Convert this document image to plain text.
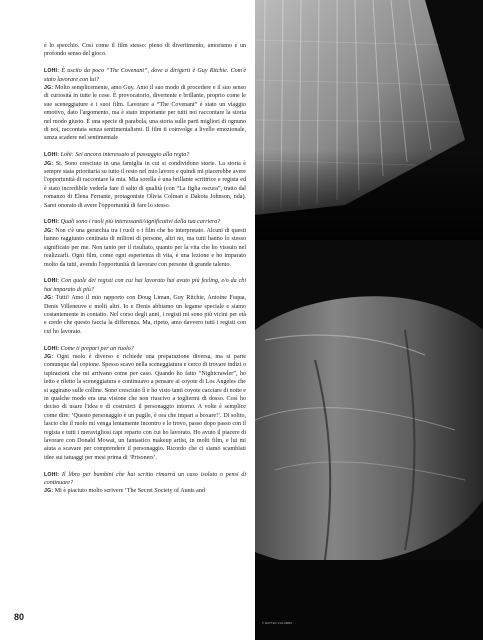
© MATTEO COLOMBO

è lo specchio. Così come il film stesso: pieno di divertimento, umorismo e un profondo senso del gioco.

LOHI: È uscito da poco “The Covenant”, dove a dirigerti è Guy Ritchie. Com'è stato lavorare con lui?

JG: Molto semplicemente, amo Guy. Amo il suo modo di procedere e il suo senso di curiosità in tutte le cose. È provocatorio, divertente e brillante, proprio come le sue sceneggiature e i suoi film. Lavorare a “The Covenant” è stato un viaggio emotivo, dato l'argomento, ma è stato importante per tutti noi raccontare la storia nel modo giusto. È una specie di parabola, una storia sulle parti migliori di ognuno di noi, raccontata senza sentimentalismi. Il film ti coinvolge a livello emozionale, senza scadere nel sentimentale

LOHI: Lohi: Sei ancora interessato al passaggio alla regia?

JG: Si. Sono cresciuto in una famiglia in cui si condividono storie. La storia è sempre stata prioritaria su tutto il resto nel mio lavoro e quindi mi piacerebbe avere l'opportunità di raccontare la mia. Mia sorella è una brillante scrittrice e regista ed è stato incredibile vederla fare il salto di qualità (con “La figlia oscura”, tratto dal romanzo di Elena Ferrante, protagoniste Olivia Colman e Dakota Johnson, nda). Sarei onorato di avere l'opportunità di fare lo stesso.

LOHI: Quali sono i ruoli più interessanti/significativi della tua carriera?

JG: Non c'è una gerarchia tra i ruoli o i film che ho interpretato. Alcuni di questi hanno raggiunto centinaia di milioni di persone, altri no, ma tutti hanno lo stesso significato per me. Non tanto per il risultato, quanto per la vita che ho vissuto nel realizzarli. Ogni film, come ogni esperienza di vita, è una lezione e ho imparato molto da tutti, avendo l'opportunità di lavorare con persone di grande talento.

LOHI: Con quale dei registi con cui hai lavorato hai avuto più feeling, e/o da chi hai imparato di più?

JG: Tutti! Amo il mio rapporto con Doug Liman, Guy Ritchie, Antoine Fuqua, Denis Villeneuve e molti altri. Io e Denis abbiamo un legame speciale e siamo costantemente in contatto. Nel corso degli anni, i registi mi sono più vicini per età e credo che questo faccia la differenza. Ma, ripeto, amo davvero tutti i registi con cui ho lavorato.

LOHI: Come ti prepari per un ruolo?

JG: Ogni ruolo è diverso e richiede una preparazione diversa, ma si parte comunque dal copione. Spesso scavo nella sceneggiatura e cerco di trovare indizi o ispirazioni che mi arrivano come per caso. Quando ho fatto “Nightcrawler”, ho letto e riletto la sceneggiatura e continuavo a pensare ai coyote di Los Angeles che si aggirano sulle colline. Sono cresciuto lì e ho visto tanti coyote cacciare di notte e in qualche modo era una visione che non riuscivo a togliermi di dosso. Così ho deciso di usare l'idea e di costruirci il personaggio intorno. A volte è semplice come dire: ‘Questo personaggio è un pugile, è ora che impari a boxare!’. Di solito, lascio che il ruolo mi venga lentamente incontro e lo trovo, passo dopo passo con il regista e tutti i meravigliosi capi reparto con cui ho lavorato. Ho avuto il piacere di lavorare con Donald Mowat, un fantastico makeup artist, in molti film, e lui mi aiuta a scavare per comprendere il personaggio. Ricordo che ci siamo scambiati idee sui tatuaggi per mesi prima di ‘Prisoners’.

LOHI: Il libro per bambini che hai scritto rimarrà un caso isolato o pensi di continuare?

JG: Mi è piaciuto molto scrivere ‘The Secret Society of Aunts and

80
